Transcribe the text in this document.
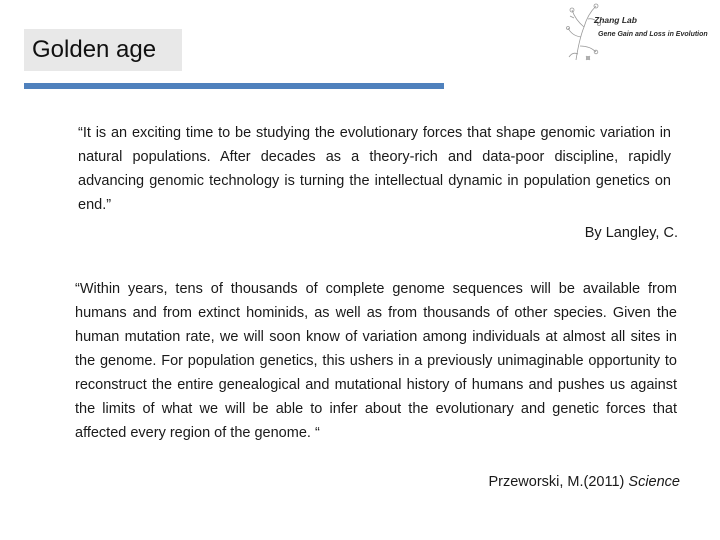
Golden age
Zhang Lab
Gene Gain and Loss in Evolution

“It is an exciting time to be studying the evolutionary forces that shape genomic variation in natural populations. After decades as a theory-rich and data-poor discipline, rapidly advancing genomic technology is turning the intellectual dynamic in population genetics on end.”

By Langley, C.

“Within years, tens of thousands of complete genome sequences will be available from humans and from extinct hominids, as well as from thousands of other species. Given the human mutation rate, we will soon know of variation among individuals at almost all sites in the genome. For population genetics, this ushers in a previously unimaginable opportunity to reconstruct the entire genealogical and mutational history of humans and pushes us against the limits of what we will be able to infer about the evolutionary and genetic forces that affected every region of the genome. “

Przeworski, M.(2011) Science
